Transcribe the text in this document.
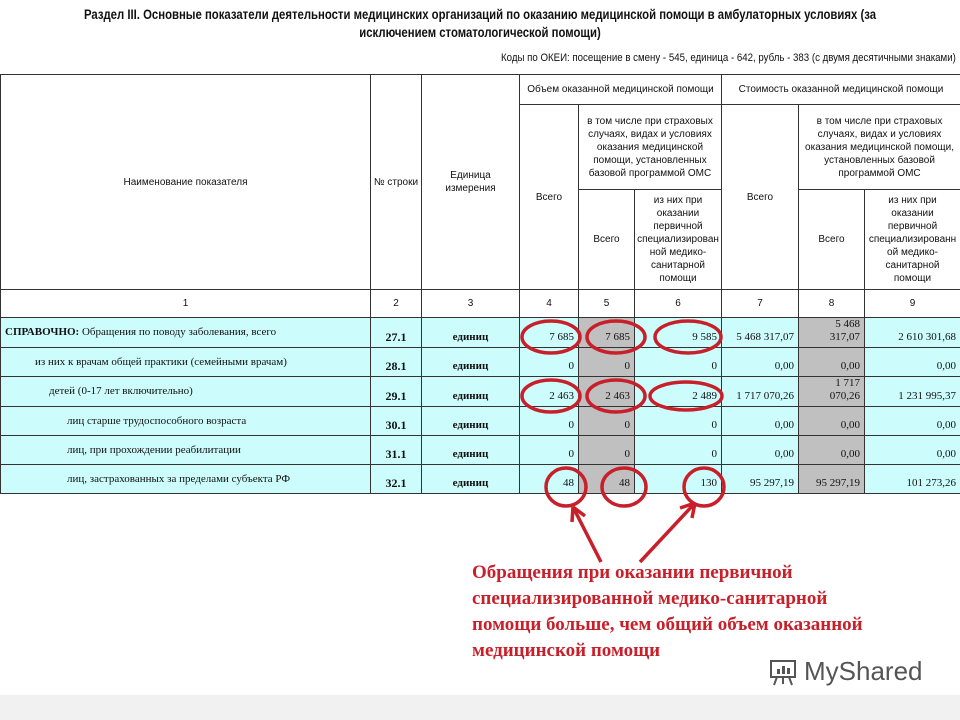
Раздел III. Основные показатели деятельности медицинских организаций по оказанию медицинской помощи в амбулаторных условиях (за исключением стоматологической помощи)
Коды по ОКЕИ: посещение в смену - 545, единица - 642, рубль - 383 (с двумя десятичными знаками)
Наименование показателя	№ строки	Единица измерения	Объем оказанной медицинской помощи			Стоимость оказанной медицинской помощи		
			Всего	в том числе при страховых случаях, видах и условиях оказания медицинской помощи, установленных базовой программой ОМС		Всего	в том числе при страховых случаях, видах и условиях оказания медицинской помощи, установленных базовой программой ОМС	
				Всего	из них при оказании первичной специализированной медико-санитарной помощи		Всего	из них при оказании первичной специализированной медико-санитарной помощи
1	2	3	4	5	6	7	8	9
СПРАВОЧНО: Обращения по поводу заболевания, всего	27.1	единиц	7 685	7 685	9 585	5 468 317,07	5 468 317,07	2 610 301,68
из них к врачам общей практики (семейными врачам)	28.1	единиц	0	0	0	0,00	0,00	0,00
детей (0-17 лет включительно)	29.1	единиц	2 463	2 463	2 489	1 717 070,26	1 717 070,26	1 231 995,37
лиц старше трудоспособного возраста	30.1	единиц	0	0	0	0,00	0,00	0,00
лиц, при прохождении реабилитации	31.1	единиц	0	0	0	0,00	0,00	0,00
лиц, застрахованных за пределами субъекта РФ	32.1	единиц	48	48	130	95 297,19	95 297,19	101 273,26
Обращения при оказании первичной
специализированной медико-санитарной
помощи больше, чем общий объем оказанной
медицинской помощи
MyShared
